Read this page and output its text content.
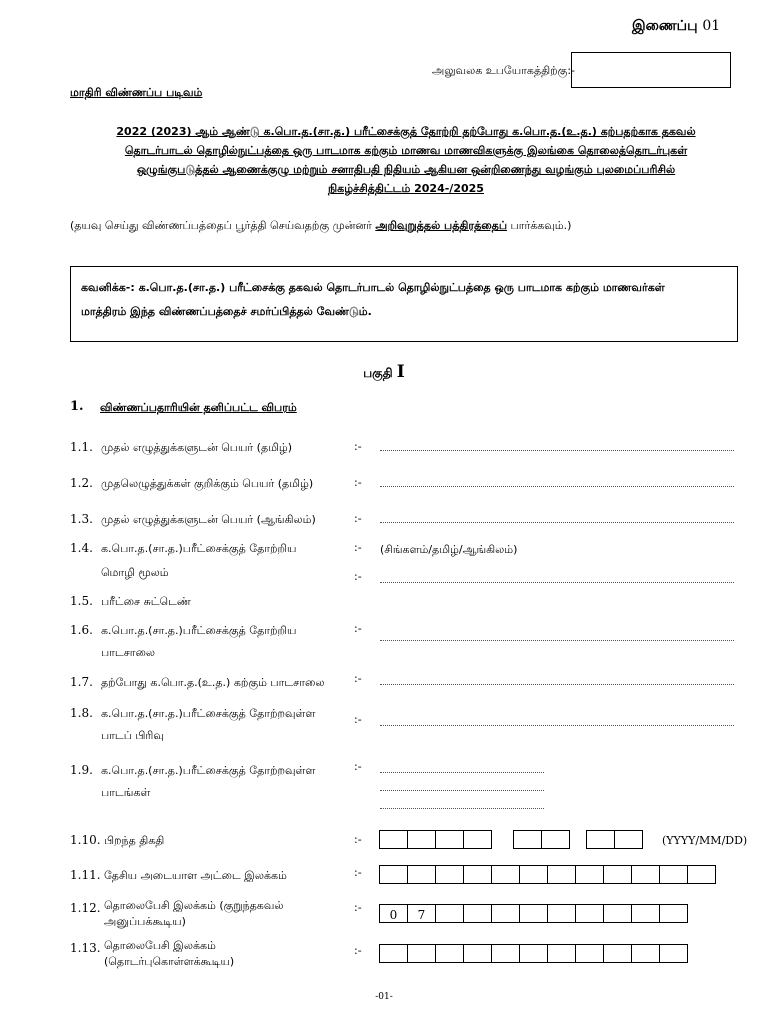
இணைப்பு 01
அலுவலக உபயோகத்திற்கு:-
மாதிரி விண்ணப்ப படிவம்
2022 (2023) ஆம் ஆண்டு க.பொ.த.(சா.த.) பரீட்சைக்குத் தோற்றி தற்போது க.பொ.த.(உ.த.) கற்பதற்காக தகவல்
தொடர்பாடல் தொழில்நுட்பத்தை ஒரு பாடமாக கற்கும் மாணவ மாணவிகளுக்கு இலங்கை தொலைத்தொடர்புகள்
ஒழுங்குபடுத்தல் ஆணைக்குழு மற்றும் சனாதிபதி நிதியம் ஆகியன ஒன்றிணைந்து வழங்கும் புலமைப்பரிசில்
நிகழ்ச்சித்திட்டம் 2024-/2025
(தயவு செய்து விண்ணப்பத்தைப் பூர்த்தி செய்வதற்கு முன்னர் அறிவுறுத்தல் பத்திரத்தைப் பார்க்கவும்.)
கவனிக்க-: க.பொ.த.(சா.த.) பரீட்சைக்கு தகவல் தொடர்பாடல் தொழில்நுட்பத்தை ஒரு பாடமாக கற்கும் மாணவர்கள்
மாத்திரம் இந்த விண்ணப்பத்தைச் சமர்ப்பித்தல் வேண்டும்.
பகுதி I
1. விண்ணப்பதாரியின் தனிப்பட்ட விபரம்
1.1. முதல் எழுத்துக்களுடன் பெயர் (தமிழ்)	:-
1.2. முதலெழுத்துக்கள் குறிக்கும் பெயர் (தமிழ்)	:-
1.3. முதல் எழுத்துக்களுடன் பெயர் (ஆங்கிலம்)	:-
1.4. க.பொ.த.(சா.த.)பரீட்சைக்குத் தோற்றிய
மொழி மூலம்
:- (சிங்களம்/தமிழ்/ஆங்கிலம்)
:-
1.5. பரீட்சை சுட்டெண்
1.6. க.பொ.த.(சா.த.)பரீட்சைக்குத் தோற்றிய
பாடசாலை
:-
1.7. தற்போது க.பொ.த.(உ.த.) கற்கும் பாடசாலை	:-
1.8. க.பொ.த.(சா.த.)பரீட்சைக்குத் தோற்றவுள்ள
பாடப் பிரிவு
:-
1.9. க.பொ.த.(சா.த.)பரீட்சைக்குத் தோற்றவுள்ள
பாடங்கள்
:-
1.10. பிறந்த திகதி	:-	(YYYY/MM/DD)
1.11. தேசிய அடையாள அட்டை இலக்கம்	:-
1.12. தொலைபேசி இலக்கம் (குறுந்தகவல்
அனுப்பக்கூடிய)
:-
0	7
1.13. தொலைபேசி இலக்கம்
(தொடர்புகொள்ளக்கூடிய)
:-
-01-
